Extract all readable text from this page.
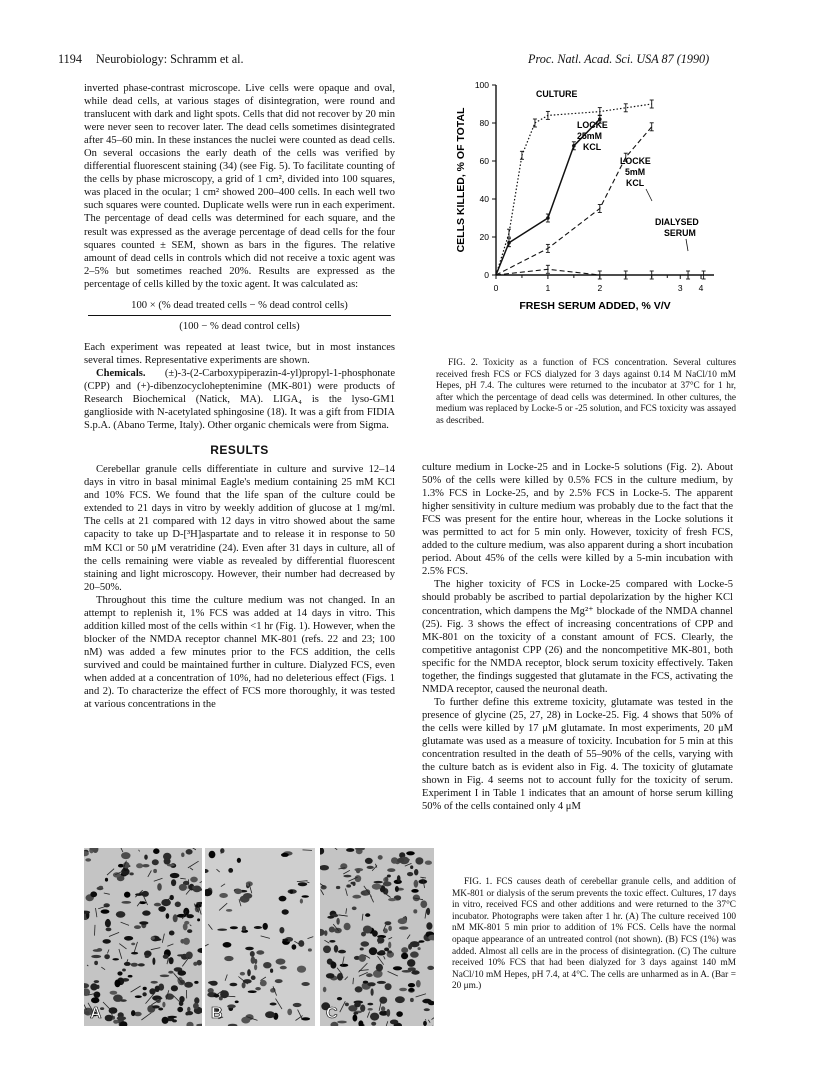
1194 Neurobiology: Schramm et al.	Proc. Natl. Acad. Sci. USA 87 (1990)

inverted phase-contrast microscope. Live cells were opaque and oval, while dead cells, at various stages of disintegration, were round and translucent with dark and light spots. Cells that did not recover by 20 min were never seen to recover later. The dead cells sometimes disintegrated after 45–60 min. In these instances the nuclei were counted as dead cells. On several occasions the early death of the cells was verified by differential fluorescent staining (34) (see Fig. 5). To facilitate counting of the cells by phase microscopy, a grid of 1 cm², divided into 100 squares, was placed in the ocular; 1 cm² showed 200–400 cells. In each well two such squares were counted. Duplicate wells were run in each experiment. The percentage of dead cells was determined for each square, and the result was expressed as the average percentage of dead cells for the four squares counted ± SEM, shown as bars in the figures. The relative amount of dead cells in controls which did not receive a toxic agent was 2–5% but sometimes reached 20%. Results are expressed as the percentage of cells killed by the toxic agent. It was calculated as:

100 × (% dead treated cells − % dead control cells)
(100 − % dead control cells)

Each experiment was repeated at least twice, but in most instances several times. Representative experiments are shown.

Chemicals. (±)-3-(2-Carboxypiperazin-4-yl)propyl-1-phosphonate (CPP) and (+)-dibenzocycloheptenimine (MK-801) were products of Research Biochemical (Natick, MA). LIGA₄ is the lyso-GM1 ganglioside with N-acetylated sphingosine (18). It was a gift from FIDIA S.p.A. (Abano Terme, Italy). Other organic chemicals were from Sigma.

RESULTS

Cerebellar granule cells differentiate in culture and survive 12–14 days in vitro in basal minimal Eagle's medium containing 25 mM KCl and 10% FCS. We found that the life span of the culture could be extended to 21 days in vitro by weekly addition of glucose at 1 mg/ml. The cells at 21 compared with 12 days in vitro showed about the same capacity to take up D-[³H]aspartate and to release it in response to 50 mM KCl or 50 μM veratridine (24). Even after 31 days in culture, all of the cells remaining were viable as revealed by differential fluorescent staining and light microscopy. However, their number had decreased by 20–50%.

Throughout this time the culture medium was not changed. In an attempt to replenish it, 1% FCS was added at 14 days in vitro. This addition killed most of the cells within <1 hr (Fig. 1). However, when the blocker of the NMDA receptor channel MK-801 (refs. 22 and 23; 100 nM) was added a few minutes prior to the FCS addition, the cells survived and could be maintained further in culture. Dialyzed FCS, even when added at a concentration of 10%, had no deleterious effect (Figs. 1 and 2). To characterize the effect of FCS more thoroughly, it was tested at various concentrations in the

0
20
40
60
80
100
0	1	2	3 4
FRESH SERUM ADDED, % V/V
CELLS KILLED, % OF TOTAL
CULTURE
LOCKE
25mM
KCL
LOCKE
5mM
KCL
DIALYSED
SERUM

FIG. 2. Toxicity as a function of FCS concentration. Several cultures received fresh FCS or FCS dialyzed for 3 days against 0.14 M NaCl/10 mM Hepes, pH 7.4. The cultures were returned to the incubator at 37°C for 1 hr, after which the percentage of dead cells was determined. In other cultures, the medium was replaced by Locke-5 or -25 solution, and FCS toxicity was assayed as described.

culture medium in Locke-25 and in Locke-5 solutions (Fig. 2). About 50% of the cells were killed by 0.5% FCS in the culture medium, by 1.3% FCS in Locke-25, and by 2.5% FCS in Locke-5. The apparent higher sensitivity in culture medium was probably due to the fact that the FCS was present for the entire hour, whereas in the Locke solutions it was permitted to act for 5 min only. However, toxicity of fresh FCS, added to the culture medium, was also apparent during a short incubation period. About 45% of the cells were killed by a 5-min incubation with 2.5% FCS.

The higher toxicity of FCS in Locke-25 compared with Locke-5 should probably be ascribed to partial depolarization by the higher KCl concentration, which dampens the Mg²⁺ blockade of the NMDA channel (25). Fig. 3 shows the effect of increasing concentrations of CPP and MK-801 on the toxicity of a constant amount of FCS. Clearly, the competitive antagonist CPP (26) and the noncompetitive MK-801, both specific for the NMDA receptor, block serum toxicity effectively. Taken together, the findings suggested that glutamate in the FCS, activating the NMDA receptor, caused the neuronal death.

To further define this extreme toxicity, glutamate was tested in the presence of glycine (25, 27, 28) in Locke-25. Fig. 4 shows that 50% of the cells were killed by 17 μM glutamate. In most experiments, 20 μM glutamate was used as a measure of toxicity. Incubation for 5 min at this concentration resulted in the death of 55–90% of the cells, varying with the culture batch as is evident also in Fig. 4. The toxicity of glutamate shown in Fig. 4 seems not to account fully for the toxicity of serum. Experiment I in Table 1 indicates that an amount of horse serum killing 50% of the cells contained only 4 μM

A	B	C

FIG. 1. FCS causes death of cerebellar granule cells, and addition of MK-801 or dialysis of the serum prevents the toxic effect. Cultures, 17 days in vitro, received FCS and other additions and were returned to the 37°C incubator. Photographs were taken after 1 hr. (A) The culture received 100 nM MK-801 5 min prior to addition of 1% FCS. Cells have the normal opaque appearance of an untreated control (not shown). (B) FCS (1%) was added. Almost all cells are in the process of disintegration. (C) The culture received 10% FCS that had been dialyzed for 3 days against 140 mM NaCl/10 mM Hepes, pH 7.4, at 4°C. The cells are unharmed as in A. (Bar = 20 μm.)
